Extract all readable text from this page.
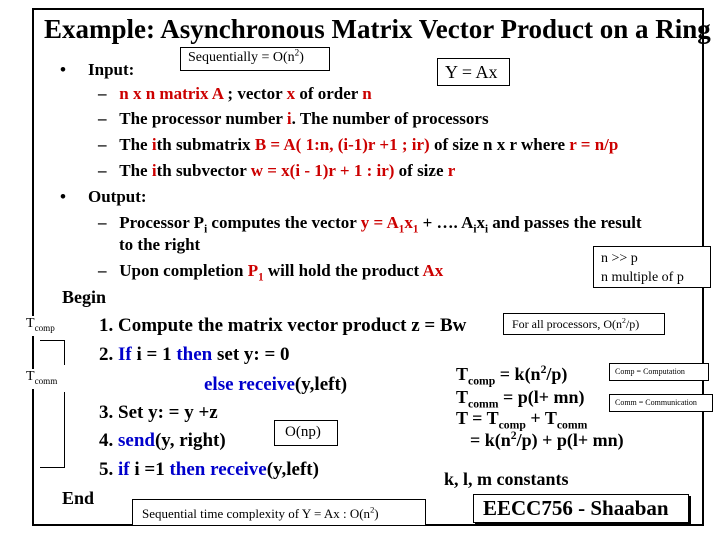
Example: Asynchronous Matrix Vector Product on a Ring
Sequentially = $O(n^2)$
Y = Ax
• Input:
– n x n matrix A ; vector x of order n
– The processor number i. The number of processors
– The ith submatrix B = A( 1:n, (i-1)r +1 ; ir) of size n x r where r = n/p
– The ith subvector w = x(i - 1)r + 1 : ir) of size r
• Output:
– Processor $P_i$ computes the vector $y = A_1x_1$ + …. $A_ix_i$ and passes the result
to the right
– Upon completion $P_1$ will hold the product Ax
n >> p
n multiple of p
Begin
1. Compute the matrix vector product z = Bw
2. If i = 1 then set y: = 0
else receive(y,left)
3. Set y: = y +z
4. send(y, right)
5. if i =1 then receive(y,left)
End
$T_{comp}$
$T_{comm}$
O(np)
For all processors, $O(n^2/p)$
Comp = Computation
Comm = Communication
$T_{comp} = k(n^2/p)$
$T_{comm} = p(l+ mn)$
$T = T_{comp} + T_{comm}$
= $k(n^2/p) + p(l+ mn)$
k, l, m constants
Sequential time complexity of Y = Ax : $O(n^2)$	EECC756 - Shaaban
